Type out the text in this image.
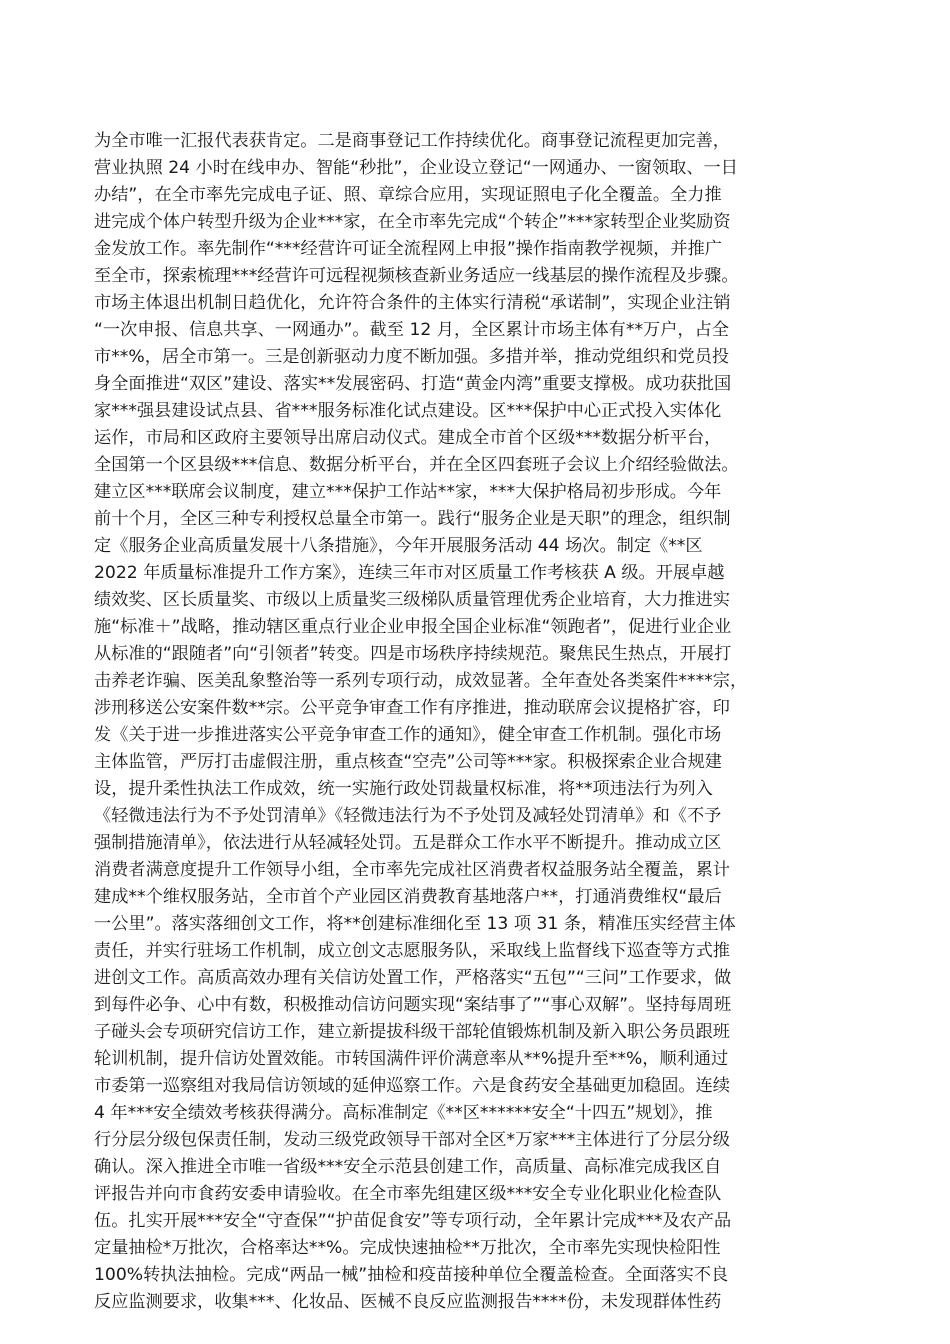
为全市唯一汇报代表获肯定。二是商事登记工作持续优化。商事登记流程更加完善，
营业执照 24 小时在线申办、智能“秒批”，企业设立登记“一网通办、一窗领取、一日
办结”，在全市率先完成电子证、照、章综合应用，实现证照电子化全覆盖。全力推
进完成个体户转型升级为企业***家，在全市率先完成“个转企”***家转型企业奖励资
金发放工作。率先制作“***经营许可证全流程网上申报”操作指南教学视频，并推广
至全市，探索梳理***经营许可远程视频核查新业务适应一线基层的操作流程及步骤。
市场主体退出机制日趋优化，允许符合条件的主体实行清税“承诺制”，实现企业注销
“一次申报、信息共享、一网通办”。截至 12 月，全区累计市场主体有**万户，占全
市**%，居全市第一。三是创新驱动力度不断加强。多措并举，推动党组织和党员投
身全面推进“双区”建设、落实**发展密码、打造“黄金内湾”重要支撑极。成功获批国
家***强县建设试点县、省***服务标准化试点建设。区***保护中心正式投入实体化
运作，市局和区政府主要领导出席启动仪式。建成全市首个区级***数据分析平台，
全国第一个区县级***信息、数据分析平台，并在全区四套班子会议上介绍经验做法。
建立区***联席会议制度，建立***保护工作站**家，***大保护格局初步形成。今年
前十个月，全区三种专利授权总量全市第一。践行“服务企业是天职”的理念，组织制
定《服务企业高质量发展十八条措施》，今年开展服务活动 44 场次。制定《**区
2022 年质量标准提升工作方案》，连续三年市对区质量工作考核获 A 级。开展卓越
绩效奖、区长质量奖、市级以上质量奖三级梯队质量管理优秀企业培育，大力推进实
施“标准＋”战略，推动辖区重点行业企业申报全国企业标准“领跑者”，促进行业企业
从标准的“跟随者”向“引领者”转变。四是市场秩序持续规范。聚焦民生热点，开展打
击养老诈骗、医美乱象整治等一系列专项行动，成效显著。全年查处各类案件****宗，
涉刑移送公安案件数**宗。公平竞争审查工作有序推进，推动联席会议提格扩容，印
发《关于进一步推进落实公平竞争审查工作的通知》，健全审查工作机制。强化市场
主体监管，严厉打击虚假注册，重点核查“空壳”公司等***家。积极探索企业合规建
设，提升柔性执法工作成效，统一实施行政处罚裁量权标准，将**项违法行为列入
《轻微违法行为不予处罚清单》《轻微违法行为不予处罚及减轻处罚清单》和《不予
强制措施清单》，依法进行从轻减轻处罚。五是群众工作水平不断提升。推动成立区
消费者满意度提升工作领导小组，全市率先完成社区消费者权益服务站全覆盖，累计
建成**个维权服务站，全市首个产业园区消费教育基地落户**，打通消费维权“最后
一公里”。落实落细创文工作，将**创建标准细化至 13 项 31 条，精准压实经营主体
责任，并实行驻场工作机制，成立创文志愿服务队，采取线上监督线下巡查等方式推
进创文工作。高质高效办理有关信访处置工作，严格落实“五包”“三问”工作要求，做
到每件必争、心中有数，积极推动信访问题实现“案结事了”“事心双解”。坚持每周班
子碰头会专项研究信访工作，建立新提拔科级干部轮值锻炼机制及新入职公务员跟班
轮训机制，提升信访处置效能。市转国满件评价满意率从**%提升至**%，顺利通过
市委第一巡察组对我局信访领域的延伸巡察工作。六是食药安全基础更加稳固。连续
4 年***安全绩效考核获得满分。高标准制定《**区******安全“十四五”规划》，推
行分层分级包保责任制，发动三级党政领导干部对全区*万家***主体进行了分层分级
确认。深入推进全市唯一省级***安全示范县创建工作，高质量、高标准完成我区自
评报告并向市食药安委申请验收。在全市率先组建区级***安全专业化职业化检查队
伍。扎实开展***安全“守查保”“护苗促食安”等专项行动，全年累计完成***及农产品
定量抽检*万批次，合格率达**%。完成快速抽检**万批次，全市率先实现快检阳性
100%转执法抽检。完成“两品一械”抽检和疫苗接种单位全覆盖检查。全面落实不良
反应监测要求，收集***、化妆品、医械不良反应监测报告****份，未发现群体性药
